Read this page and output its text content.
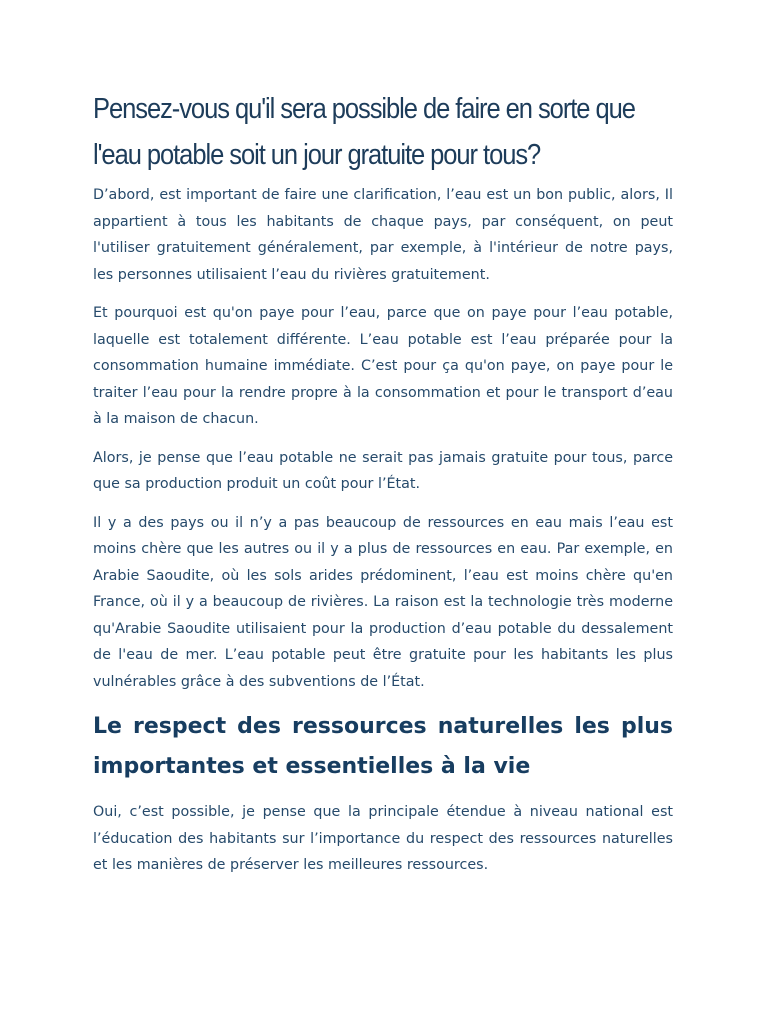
Pensez-vous qu'il sera possible de faire en sorte que l'eau potable soit un jour gratuite pour tous?

D’abord, est important de faire une clarification, l’eau est un bon public, alors, Il appartient à tous les habitants de chaque pays, par conséquent, on peut l'utiliser gratuitement généralement, par exemple, à l'intérieur de notre pays, les personnes utilisaient l’eau du rivières gratuitement.

Et pourquoi est qu'on paye pour l’eau, parce que on paye pour l’eau potable, laquelle est totalement différente. L’eau potable est l’eau préparée pour la consommation humaine immédiate. C’est pour ça qu'on paye, on paye pour le traiter l’eau pour la rendre propre à la consommation et pour le transport d’eau à la maison de chacun.

Alors, je pense que l’eau potable ne serait pas jamais gratuite pour tous, parce que sa production produit un coût pour l’État.

Il y a des pays ou il n’y a pas beaucoup de ressources en eau mais l’eau est moins chère que les autres ou il y a plus de ressources en eau. Par exemple, en Arabie Saoudite, où les sols arides prédominent, l’eau est moins chère qu'en France, où il y a beaucoup de rivières. La raison est la technologie très moderne qu'Arabie Saoudite utilisaient pour la production d’eau potable du dessalement de l'eau de mer. L’eau potable peut être gratuite pour les habitants les plus vulnérables grâce à des subventions de l’État.

Le respect des ressources naturelles les plus importantes et essentielles à la vie

Oui, c’est possible, je pense que la principale étendue à niveau national est l’éducation des habitants sur l’importance du respect des ressources naturelles et les manières de préserver les meilleures ressources.
